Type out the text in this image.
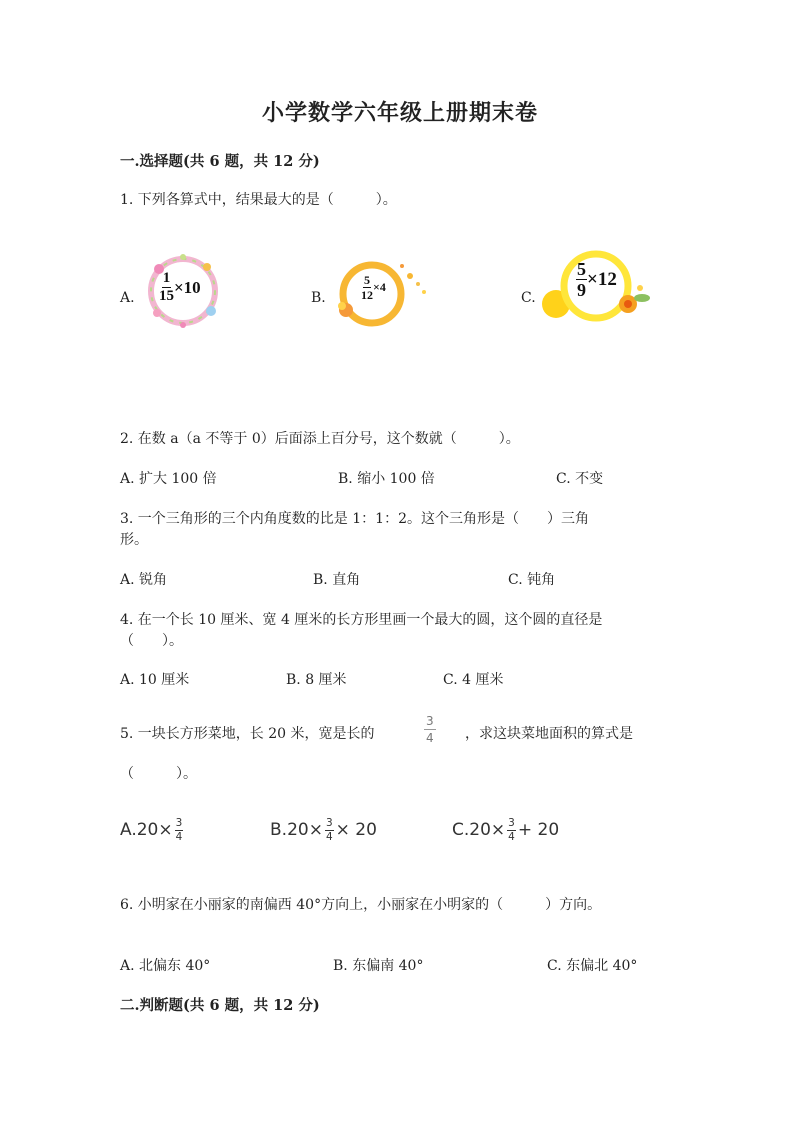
小学数学六年级上册期末卷
一.选择题(共 6 题，共 12 分)
1. 下列各算式中，结果最大的是（　　　）。
A. $\frac{1}{15} \times 10$
B.	$\frac{5}{12} \times 4$
C. $\frac{5}{9} \times 12$
2. 在数 a（a 不等于 0）后面添上百分号，这个数就（　　　）。
A. 扩大 100 倍	B. 缩小 100 倍	C. 不变
3. 一个三角形的三个内角度数的比是 1：1：2。这个三角形是（　　）三角
形。
A. 锐角	B. 直角	C. 钝角
4. 在一个长 10 厘米、宽 4 厘米的长方形里画一个最大的圆，这个圆的直径是
（　　）。
A. 10 厘米	B. 8 厘米	C. 4 厘米
5. 一块长方形菜地，长 20 米，宽是长的	$\frac{3}{4}$ ，求这块菜地面积的算式是
（　　　）。
A. $20\times \frac{3}{4}$	B. $20\times \frac{3}{4} \times 20$	C. $20\times \frac{3}{4} + 20$
6. 小明家在小丽家的南偏西 40°方向上，小丽家在小明家的（　　　）方向。
A. 北偏东 40°	B. 东偏南 40°	C. 东偏北 40°
二.判断题(共 6 题，共 12 分)
